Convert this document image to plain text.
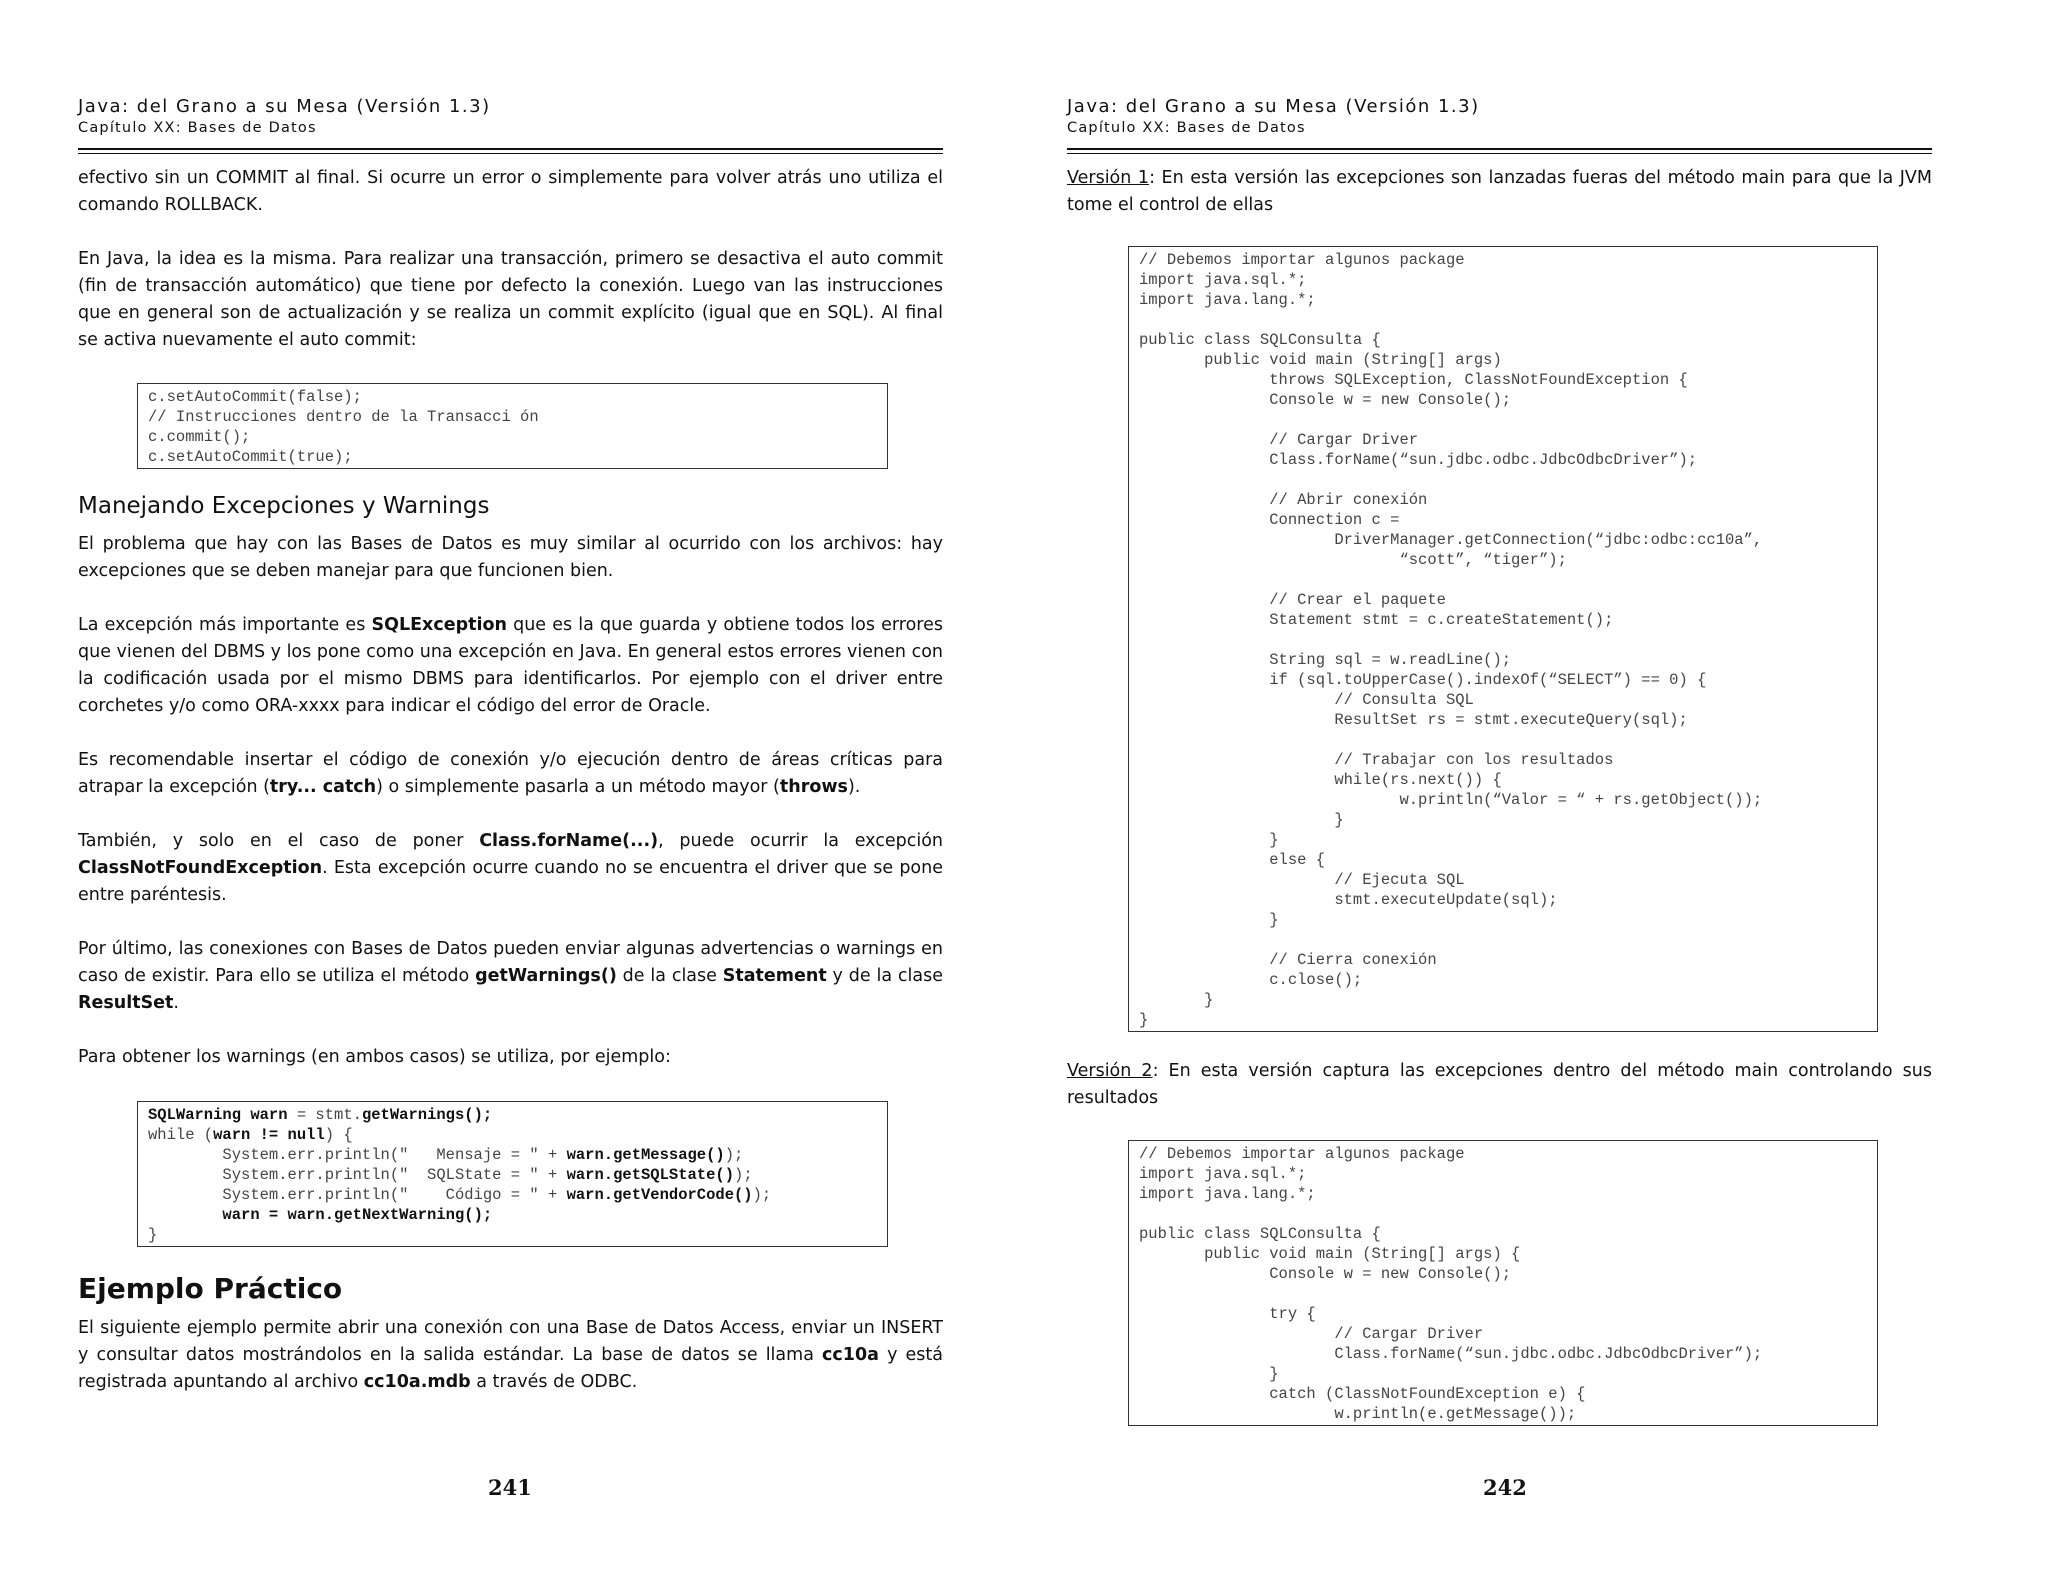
Java: del Grano a su Mesa (Versión 1.3)
Capítulo XX: Bases de Datos
efectivo sin un COMMIT al final. Si ocurre un error o simplemente para volver atrás uno utiliza el comando ROLLBACK.
En Java, la idea es la misma. Para realizar una transacción, primero se desactiva el auto commit (fin de transacción automático) que tiene por defecto la conexión. Luego van las instrucciones que en general son de actualización y se realiza un commit explícito (igual que en SQL). Al final se activa nuevamente el auto commit:
c.setAutoCommit(false);
// Instrucciones dentro de la Transacci ón
c.commit();
c.setAutoCommit(true);
Manejando Excepciones y Warnings
El problema que hay con las Bases de Datos es muy similar al ocurrido con los archivos: hay excepciones que se deben manejar para que funcionen bien.
La excepción más importante es SQLException que es la que guarda y obtiene todos los errores que vienen del DBMS y los pone como una excepción en Java. En general estos errores vienen con la codificación usada por el mismo DBMS para identificarlos. Por ejemplo con el driver entre corchetes y/o como ORA-xxxx para indicar el código del error de Oracle.
Es recomendable insertar el código de conexión y/o ejecución dentro de áreas críticas para atrapar la excepción (try... catch) o simplemente pasarla a un método mayor (throws).
También, y solo en el caso de poner Class.forName(...), puede ocurrir la excepción ClassNotFoundException. Esta excepción ocurre cuando no se encuentra el driver que se pone entre paréntesis.
Por último, las conexiones con Bases de Datos pueden enviar algunas advertencias o warnings en caso de existir. Para ello se utiliza el método getWarnings() de la clase Statement y de la clase ResultSet.
Para obtener los warnings (en ambos casos) se utiliza, por ejemplo:
SQLWarning warn = stmt.getWarnings();
while (warn != null) {
System.err.println("   Mensaje = " + warn.getMessage());
System.err.println("  SQLState = " + warn.getSQLState());
System.err.println("    Código = " + warn.getVendorCode());
warn = warn.getNextWarning();
}
Ejemplo Práctico
El siguiente ejemplo permite abrir una conexión con una Base de Datos Access, enviar un INSERT y consultar datos mostrándolos en la salida estándar. La base de datos se llama cc10a y está registrada apuntando al archivo cc10a.mdb a través de ODBC.
241
Java: del Grano a su Mesa (Versión 1.3)
Capítulo XX: Bases de Datos
Versión 1: En esta versión las excepciones son lanzadas fueras del método main para que la JVM tome el control de ellas
// Debemos importar algunos package
import java.sql.*;
import java.lang.*;

public class SQLConsulta {
public void main (String[] args)
throws SQLException, ClassNotFoundException {
Console w = new Console();

// Cargar Driver
Class.forName(“sun.jdbc.odbc.JdbcOdbcDriver”);

// Abrir conexión
Connection c =
DriverManager.getConnection(“jdbc:odbc:cc10a”,
“scott”, “tiger”);

// Crear el paquete
Statement stmt = c.createStatement();

String sql = w.readLine();
if (sql.toUpperCase().indexOf(“SELECT”) == 0) {
// Consulta SQL
ResultSet rs = stmt.executeQuery(sql);

// Trabajar con los resultados
while(rs.next()) {
w.println(“Valor = “ + rs.getObject());
}
}
else {
// Ejecuta SQL
stmt.executeUpdate(sql);
}

// Cierra conexión
c.close();
}
}
Versión 2: En esta versión captura las excepciones dentro del método main controlando sus resultados
// Debemos importar algunos package
import java.sql.*;
import java.lang.*;

public class SQLConsulta {
public void main (String[] args) {
Console w = new Console();

try {
// Cargar Driver
Class.forName(“sun.jdbc.odbc.JdbcOdbcDriver”);
}
catch (ClassNotFoundException e) {
w.println(e.getMessage());
242
